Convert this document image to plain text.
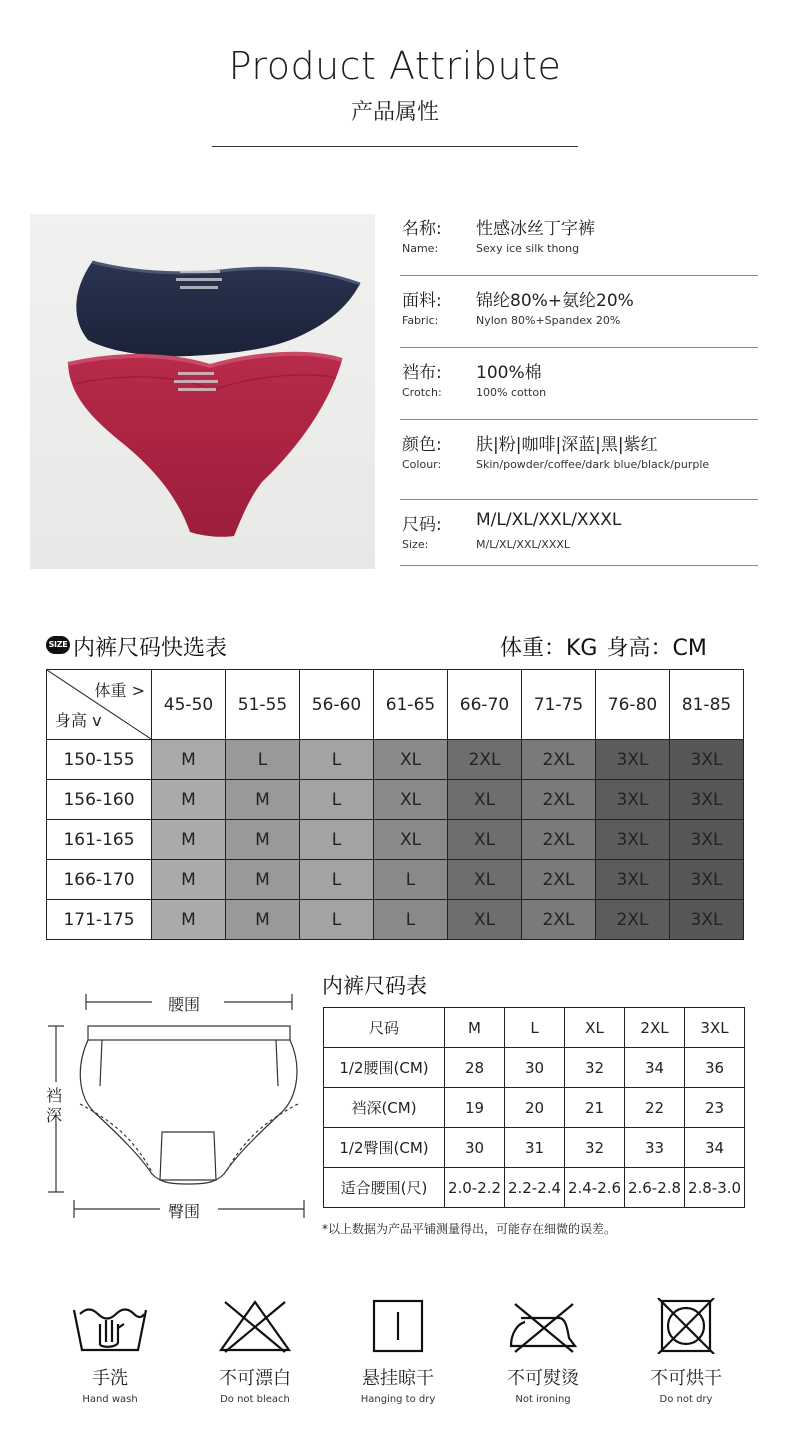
Product Attribute
产品属性
名称: 性感冰丝丁字裤
Name:	Sexy ice silk thong
面料: 锦纶80%+氨纶20%
Fabric:	Nylon 80%+Spandex 20%
裆布: 100%棉
Crotch:	100% cotton
颜色: 肤|粉|咖啡|深蓝|黑|紫红
Colour:	Skin/powder/coffee/dark blue/black/purple
尺码: M/L/XL/XXL/XXXL
Size:	M/L/XL/XXL/XXXL
SIZE 内裤尺码快选表	体重：KG 身高：CM
体重 >
身高 v	45-50	51-55	56-60	61-65	66-70	71-75	76-80	81-85
150-155	M	L	L	XL	2XL	2XL	3XL	3XL
156-160	M	M	L	XL	XL	2XL	3XL	3XL
161-165	M	M	L	XL	XL	2XL	3XL	3XL
166-170	M	M	L	L	XL	2XL	3XL	3XL
171-175	M	M	L	L	XL	2XL	2XL	3XL
腰围
裆深
臀围
内裤尺码表
尺码	M	L	XL	2XL	3XL
1/2腰围(CM)	28	30	32	34	36
裆深(CM)	19	20	21	22	23
1/2臀围(CM)	30	31	32	33	34
适合腰围(尺)	2.0-2.2	2.2-2.4	2.4-2.6	2.6-2.8	2.8-3.0
*以上数据为产品平铺测量得出，可能存在细微的误差。
手洗
Hand wash
不可漂白
Do not bleach
悬挂晾干
Hanging to dry
不可熨烫
Not ironing
不可烘干
Do not dry
